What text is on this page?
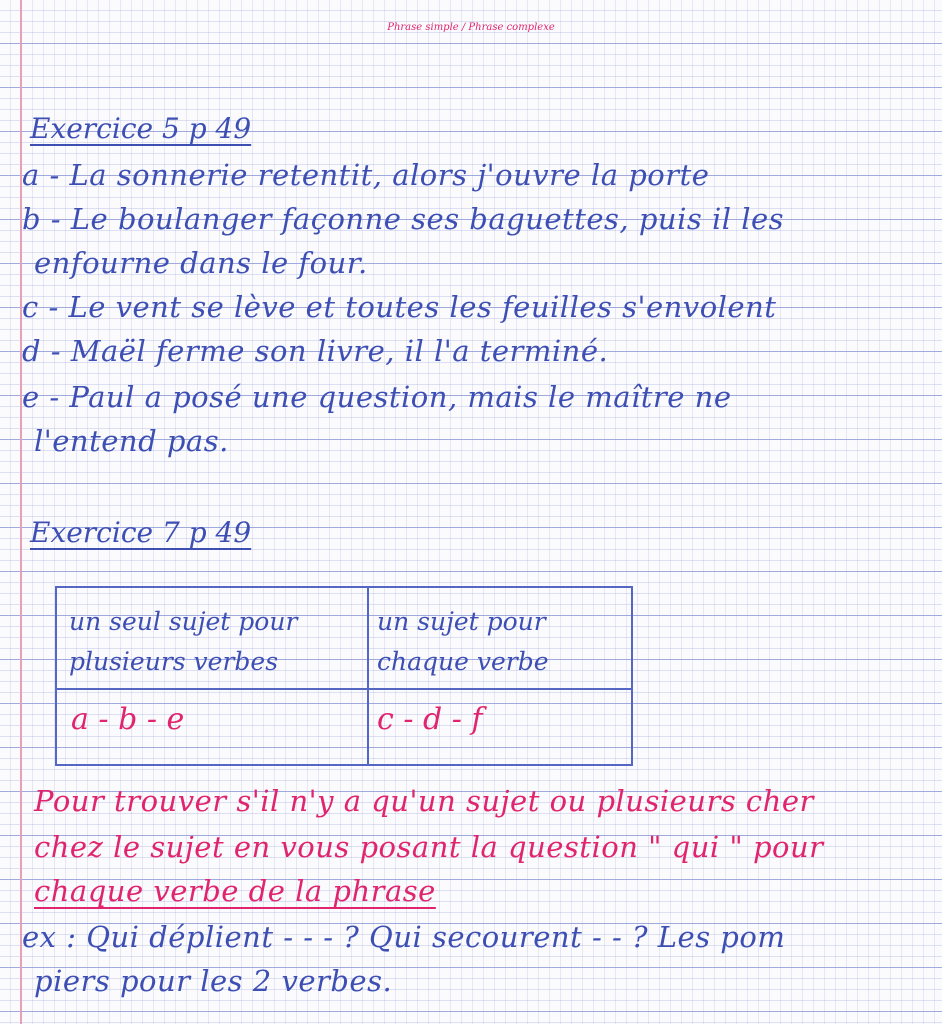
Phrase simple / Phrase complexe
Exercice 5 p 49
a - La sonnerie retentit, alors j'ouvre la porte
b - Le boulanger façonne ses baguettes, puis il les
enfourne dans le four.
c - Le vent se lève et toutes les feuilles s'envolent
d - Maël ferme son livre, il l'a terminé.
e - Paul a posé une question, mais le maître ne
l'entend pas.
Exercice 7 p 49
un seul sujet pour
plusieurs verbes
un sujet pour
chaque verbe
a - b - e	c - d - f
Pour trouver s'il n'y a qu'un sujet ou plusieurs cher
chez le sujet en vous posant la question " qui " pour
chaque verbe de la phrase
ex : Qui déplient - - - ? Qui secourent - - ? Les pom
piers pour les 2 verbes.
